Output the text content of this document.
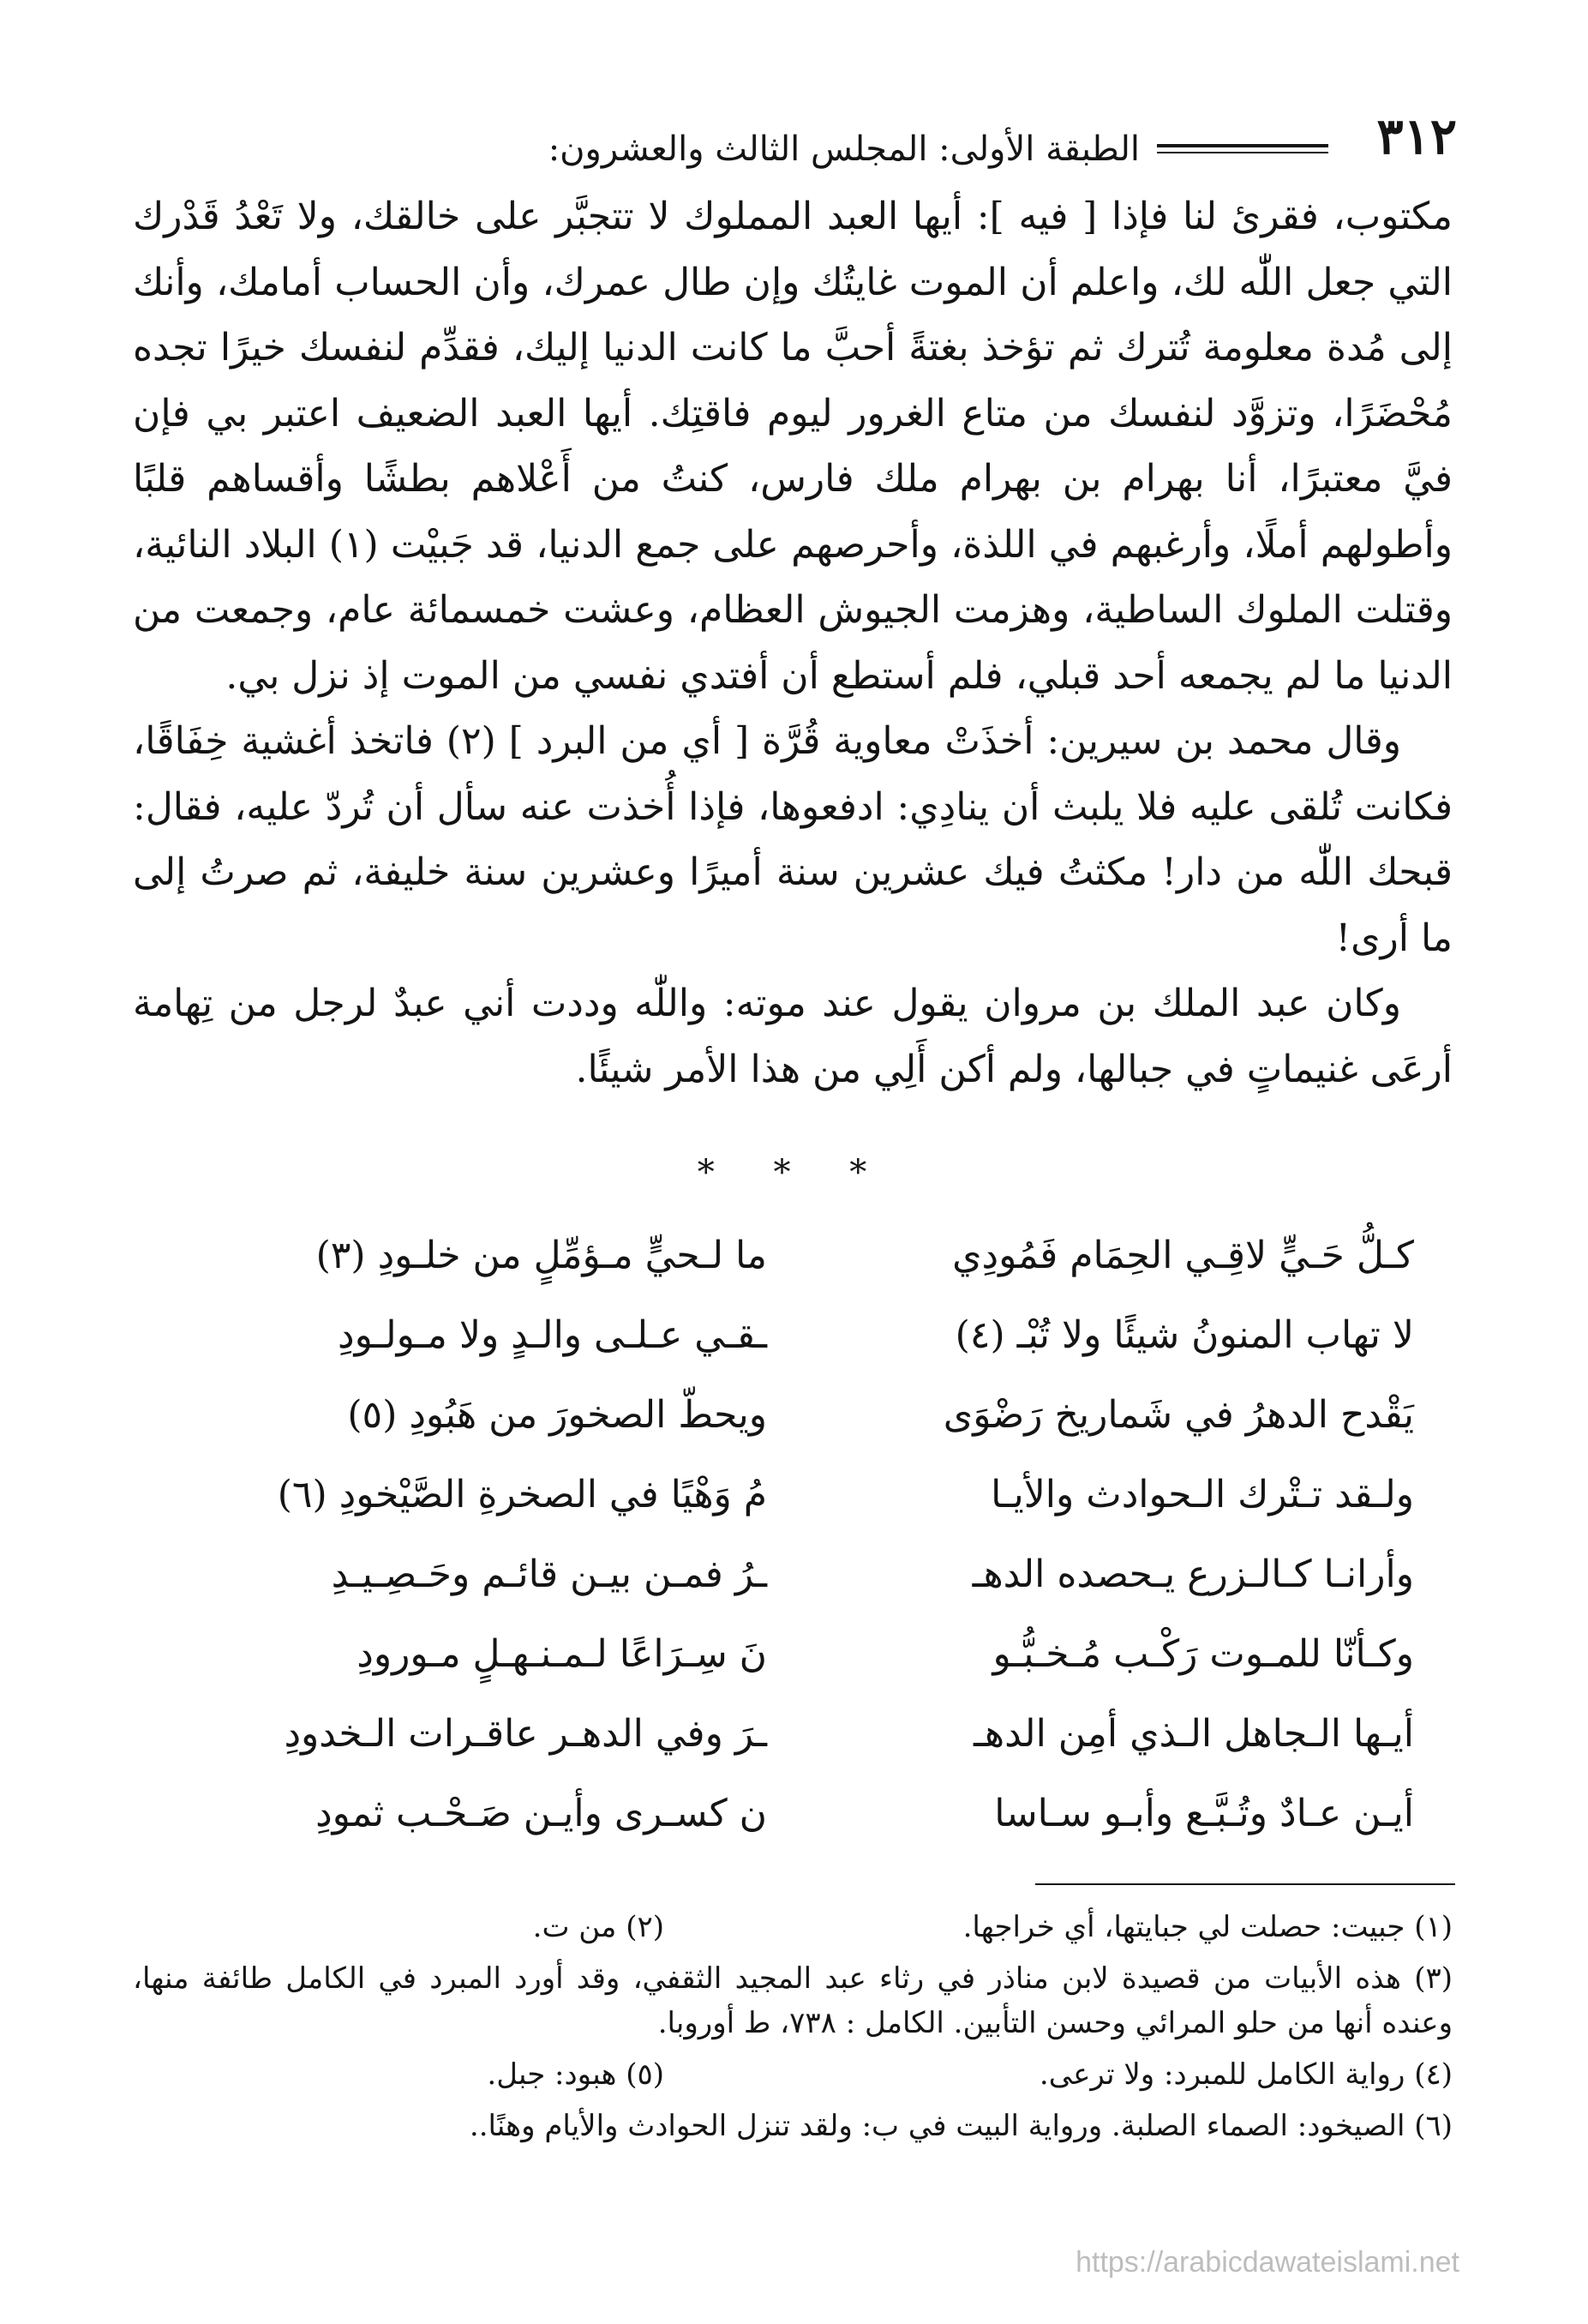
٣١٢
الطبقة الأولى: المجلس الثالث والعشرون:

مكتوب، فقرئ لنا فإذا [ فيه ]: أيها العبد المملوك لا تتجبَّر على خالقك، ولا تَعْدُ قَدْرك التي جعل اللّٰه لك، واعلم أن الموت غايتُك وإن طال عمرك، وأن الحساب أمامك، وأنك إلى مُدة معلومة تُترك ثم تؤخذ بغتةً أحبَّ ما كانت الدنيا إليك، فقدِّم لنفسك خيرًا تجده مُحْضَرًا، وتزوَّد لنفسك من متاع الغرور ليوم فاقتِك. أيها العبد الضعيف اعتبر بي فإن فيَّ معتبرًا، أنا بهرام بن بهرام ملك فارس، كنتُ من أَعْلاهم بطشًا وأقساهم قلبًا وأطولهم أملًا، وأرغبهم في اللذة، وأحرصهم على جمع الدنيا، قد جَبيْت (١) البلاد النائية، وقتلت الملوك الساطية، وهزمت الجيوش العظام، وعشت خمسمائة عام، وجمعت من الدنيا ما لم يجمعه أحد قبلي، فلم أستطع أن أفتدي نفسي من الموت إذ نزل بي.

وقال محمد بن سيرين: أخذَتْ معاوية قُرَّة [ أي من البرد ] (٢) فاتخذ أغشية خِفَاقًا، فكانت تُلقى عليه فلا يلبث أن ينادِي: ادفعوها، فإذا أُخذت عنه سأل أن تُردّ عليه، فقال: قبحك اللّٰه من دار! مكثتُ فيك عشرين سنة أميرًا وعشرين سنة خليفة، ثم صرتُ إلى ما أرى!

وكان عبد الملك بن مروان يقول عند موته: واللّٰه وددت أني عبدٌ لرجل من تِهامة أرعَى غنيماتٍ في جبالها، ولم أكن أَلِي من هذا الأمر شيئًا.

* * *
كـلُّ حَـيٍّ لاقِـي الحِمَام فَمُودِي
ما لـحيٍّ مـؤمِّلٍ من خلـودِ (٣)
لا تهاب المنونُ شيئًا ولا تُبْـ (٤)
ـقـي عـلـى والـدٍ ولا مـولـودِ
يَقْدح الدهرُ في شَماريخ رَضْوَى
ويحطّ الصخورَ من هَبُودِ (٥)
ولـقد تـتْرك الـحوادث والأيـا
مُ وَهْيًا في الصخرةِ الصَّيْخودِ (٦)
وأرانـا كـالـزرع يـحصده الدهـ
ـرُ فمـن بيـن قائـم وحَـصِـيـدِ
وكـأنّا للمـوت رَكْـب مُـخـبُّـو
نَ سِـرَاعًا لـمـنـهـلٍ مـورودِ
أيـها الـجاهل الـذي أمِن الدهـ
ـرَ وفي الدهـر عاقـرات الـخدودِ
أيـن عـادٌ وتُـبَّـع وأبـو سـاسا
ن كسـرى وأيـن صَـحْـب ثمودِ

(١) جبيت: حصلت لي جبايتها، أي خراجها.
(٢) من ت.

(٣) هذه الأبيات من قصيدة لابن مناذر في رثاء عبد المجيد الثقفي، وقد أورد المبرد في الكامل طائفة منها، وعنده أنها من حلو المرائي وحسن التأبين. الكامل : ٧٣٨، ط أوروبا.

(٤) رواية الكامل للمبرد: ولا ترعى.
(٥) هبود: جبل.

(٦) الصيخود: الصماء الصلبة. ورواية البيت في ب: ولقد تنزل الحوادث والأيام وهنًا..

https://arabicdawateislami.net
